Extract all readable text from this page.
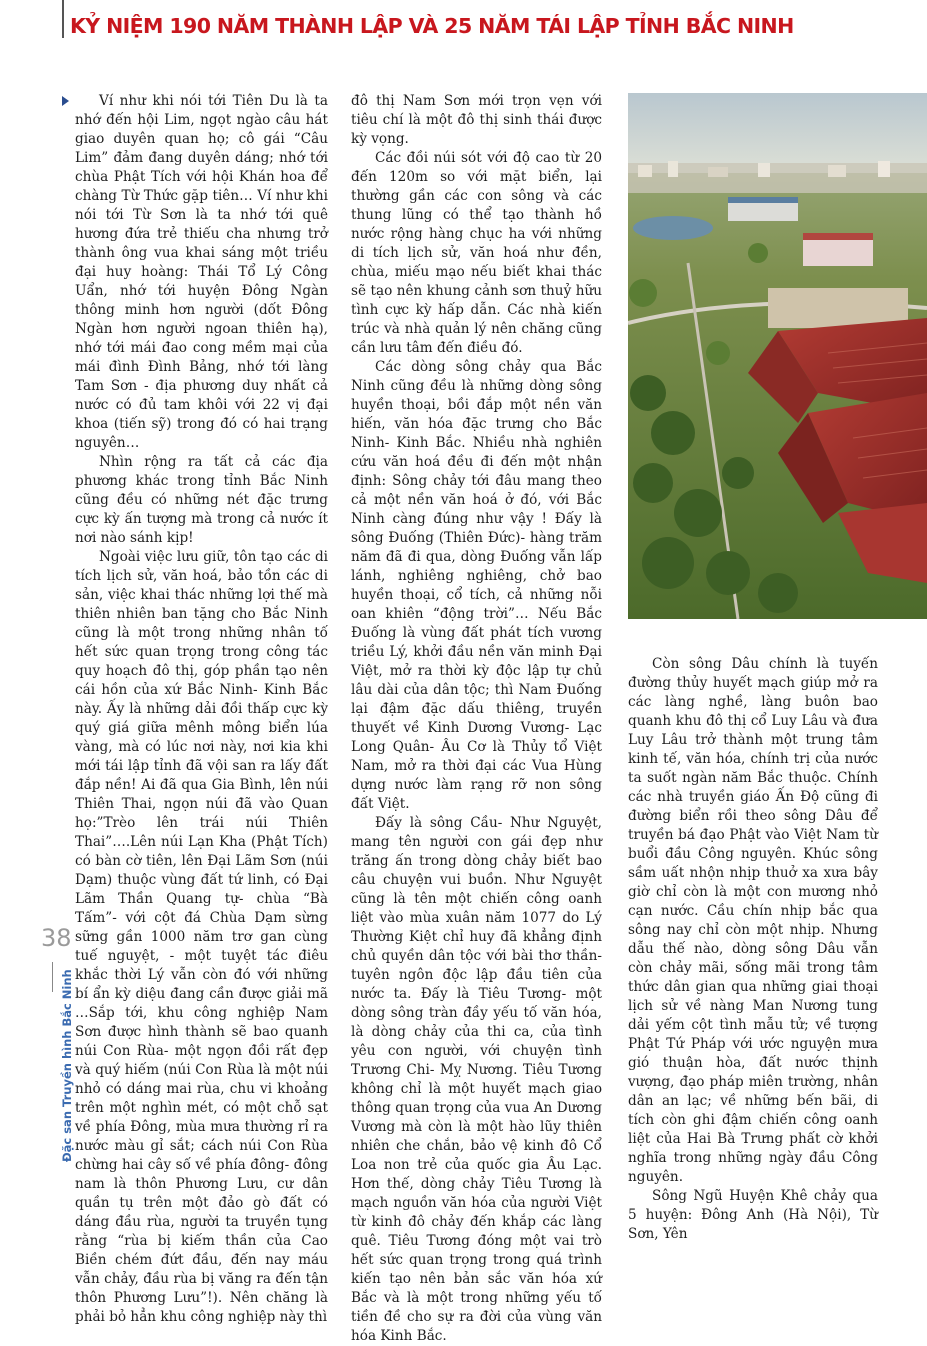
KỶ NIỆM 190 NĂM THÀNH LẬP VÀ 25 NĂM TÁI LẬP TỈNH BẮC NINH

Ví như khi nói tới Tiên Du là ta nhớ đến hội Lim, ngọt ngào câu hát giao duyên quan họ; cô gái “Câu Lim” đảm đang duyên dáng; nhớ tới chùa Phật Tích với hội Khán hoa để chàng Từ Thức gặp tiên… Ví như khi nói tới Từ Sơn là ta nhớ tới quê hương đứa trẻ thiếu cha nhưng trở thành ông vua khai sáng một triều đại huy hoàng: Thái Tổ Lý Công Uẩn, nhớ tới huyện Đông Ngàn thông minh hơn người (dốt Đông Ngàn hơn người ngoan thiên hạ), nhớ tới mái đao cong mềm mại của mái đình Đình Bảng, nhớ tới làng Tam Sơn - địa phương duy nhất cả nước có đủ tam khôi với 22 vị đại khoa (tiến sỹ) trong đó có hai trạng nguyên…

Nhìn rộng ra tất cả các địa phương khác trong tỉnh Bắc Ninh cũng đều có những nét đặc trưng cực kỳ ấn tượng mà trong cả nước ít nơi nào sánh kịp!

Ngoài việc lưu giữ, tôn tạo các di tích lịch sử, văn hoá, bảo tồn các di sản, việc khai thác những lợi thế mà thiên nhiên ban tặng cho Bắc Ninh cũng là một trong những nhân tố hết sức quan trọng trong công tác quy hoạch đô thị, góp phần tạo nên cái hồn của xứ Bắc Ninh- Kinh Bắc này. Ấy là những dải đồi thấp cực kỳ quý giá giữa mênh mông biển lúa vàng, mà có lúc nơi này, nơi kia khi mới tái lập tỉnh đã vội san ra lấy đất đắp nền! Ai đã qua Gia Bình, lên núi Thiên Thai, ngọn núi đã vào Quan họ:”Trèo lên trái núi Thiên Thai”….Lên núi Lạn Kha (Phật Tích) có bàn cờ tiên, lên Đại Lãm Sơn (núi Dạm) thuộc vùng đất tứ linh, có Đại Lãm Thần Quang tự- chùa “Bà Tấm”- với cột đá Chùa Dạm sừng sững gần 1000 năm trơ gan cùng tuế nguyệt, - một tuyệt tác điêu khắc thời Lý vẫn còn đó với những bí ẩn kỳ diệu đang cần được giải mã …Sắp tới, khu công nghiệp Nam Sơn được hình thành sẽ bao quanh núi Con Rùa- một ngọn đồi rất đẹp và quý hiếm (núi Con Rùa là một núi nhỏ có dáng mai rùa, chu vi khoảng trên một nghìn mét, có một chỗ sạt về phía Đông, mùa mưa thường rỉ ra nước màu gỉ sắt; cách núi Con Rùa chừng hai cây số về phía đông- đông nam là thôn Phương Lưu, cư dân quần tụ trên một đảo gò đất có dáng đầu rùa, người ta truyền tụng rằng “rùa bị kiếm thần của Cao Biền chém đứt đầu, đến nay máu vẫn chảy, đầu rùa bị văng ra đến tận thôn Phương Lưu”!). Nên chăng là phải bỏ hẳn khu công nghiệp này thì

đô thị Nam Sơn mới trọn vẹn với tiêu chí là một đô thị sinh thái được kỳ vọng.

Các đồi núi sót với độ cao từ 20 đến 120m so với mặt biển, lại thường gần các con sông và các thung lũng có thể tạo thành hồ nước rộng hàng chục ha với những di tích lịch sử, văn hoá như đền, chùa, miếu mạo nếu biết khai thác sẽ tạo nên khung cảnh sơn thuỷ hữu tình cực kỳ hấp dẫn. Các nhà kiến trúc và nhà quản lý nên chăng cũng cần lưu tâm đến điều đó.

Các dòng sông chảy qua Bắc Ninh cũng đều là những dòng sông huyền thoại, bồi đắp một nền văn hiến, văn hóa đặc trưng cho Bắc Ninh- Kinh Bắc. Nhiều nhà nghiên cứu văn hoá đều đi đến một nhận định: Sông chảy tới đâu mang theo cả một nền văn hoá ở đó, với Bắc Ninh càng đúng như vậy ! Đấy là sông Đuống (Thiên Đức)- hàng trăm năm đã đi qua, dòng Đuống vẫn lấp lánh, nghiêng nghiêng, chở bao huyền thoại, cổ tích, cả những nỗi oan khiên “động trời”… Nếu Bắc Đuống là vùng đất phát tích vương triều Lý, khởi đầu nền văn minh Đại Việt, mở ra thời kỳ độc lập tự chủ lâu dài của dân tộc; thì Nam Đuống lại đậm đặc dấu thiêng, truyền thuyết về Kinh Dương Vương- Lạc Long Quân- Âu Cơ là Thủy tổ Việt Nam, mở ra thời đại các Vua Hùng dựng nước làm rạng rỡ non sông đất Việt.

Đấy là sông Cầu- Như Nguyệt, mang tên người con gái đẹp như trăng ấn trong dòng chảy biết bao câu chuyện vui buồn. Như Nguyệt cũng là tên một chiến công oanh liệt vào mùa xuân năm 1077 do Lý Thường Kiệt chỉ huy đã khẳng định chủ quyền dân tộc với bài thơ thần- tuyên ngôn độc lập đầu tiên của nước ta. Đấy là Tiêu Tương- một dòng sông tràn đầy yếu tố văn hóa, là dòng chảy của thi ca, của tình yêu con người, với chuyện tình Trương Chi- Mỵ Nương. Tiêu Tương không chỉ là một huyết mạch giao thông quan trọng của vua An Dương Vương mà còn là một hào lũy thiên nhiên che chắn, bảo vệ kinh đô Cổ Loa non trẻ của quốc gia Âu Lạc. Hơn thế, dòng chảy Tiêu Tương là mạch nguồn văn hóa của người Việt từ kinh đô chảy đến khắp các làng quê. Tiêu Tương đóng một vai trò hết sức quan trọng trong quá trình kiến tạo nên bản sắc văn hóa xứ Bắc và là một trong những yếu tố tiền đề cho sự ra đời của vùng văn hóa Kinh Bắc.

Còn sông Dâu chính là tuyến đường thủy huyết mạch giúp mở ra các làng nghề, làng buôn bao quanh khu đô thị cổ Luy Lâu và đưa Luy Lâu trở thành một trung tâm kinh tế, văn hóa, chính trị của nước ta suốt ngàn năm Bắc thuộc. Chính các nhà truyền giáo Ấn Độ cũng đi đường biển rồi theo sông Dâu để truyền bá đạo Phật vào Việt Nam từ buổi đầu Công nguyên. Khúc sông sầm uất nhộn nhịp thuở xa xưa bây giờ chỉ còn là một con mương nhỏ cạn nước. Cầu chín nhịp bắc qua sông nay chỉ còn một nhịp. Nhưng dẫu thế nào, dòng sông Dâu vẫn còn chảy mãi, sống mãi trong tâm thức dân gian qua những giai thoại lịch sử về nàng Man Nương tung dải yếm cột tình mẫu tử; về tượng Phật Tứ Pháp với ước nguyện mưa gió thuận hòa, đất nước thịnh vượng, đạo pháp miên trường, nhân dân an lạc; về những bến bãi, di tích còn ghi đậm chiến công oanh liệt của Hai Bà Trưng phất cờ khởi nghĩa trong những ngày đầu Công nguyên.

Sông Ngũ Huyện Khê chảy qua 5 huyện: Đông Anh (Hà Nội), Từ Sơn, Yên

38
Đặc san Truyền hình Bắc Ninh
